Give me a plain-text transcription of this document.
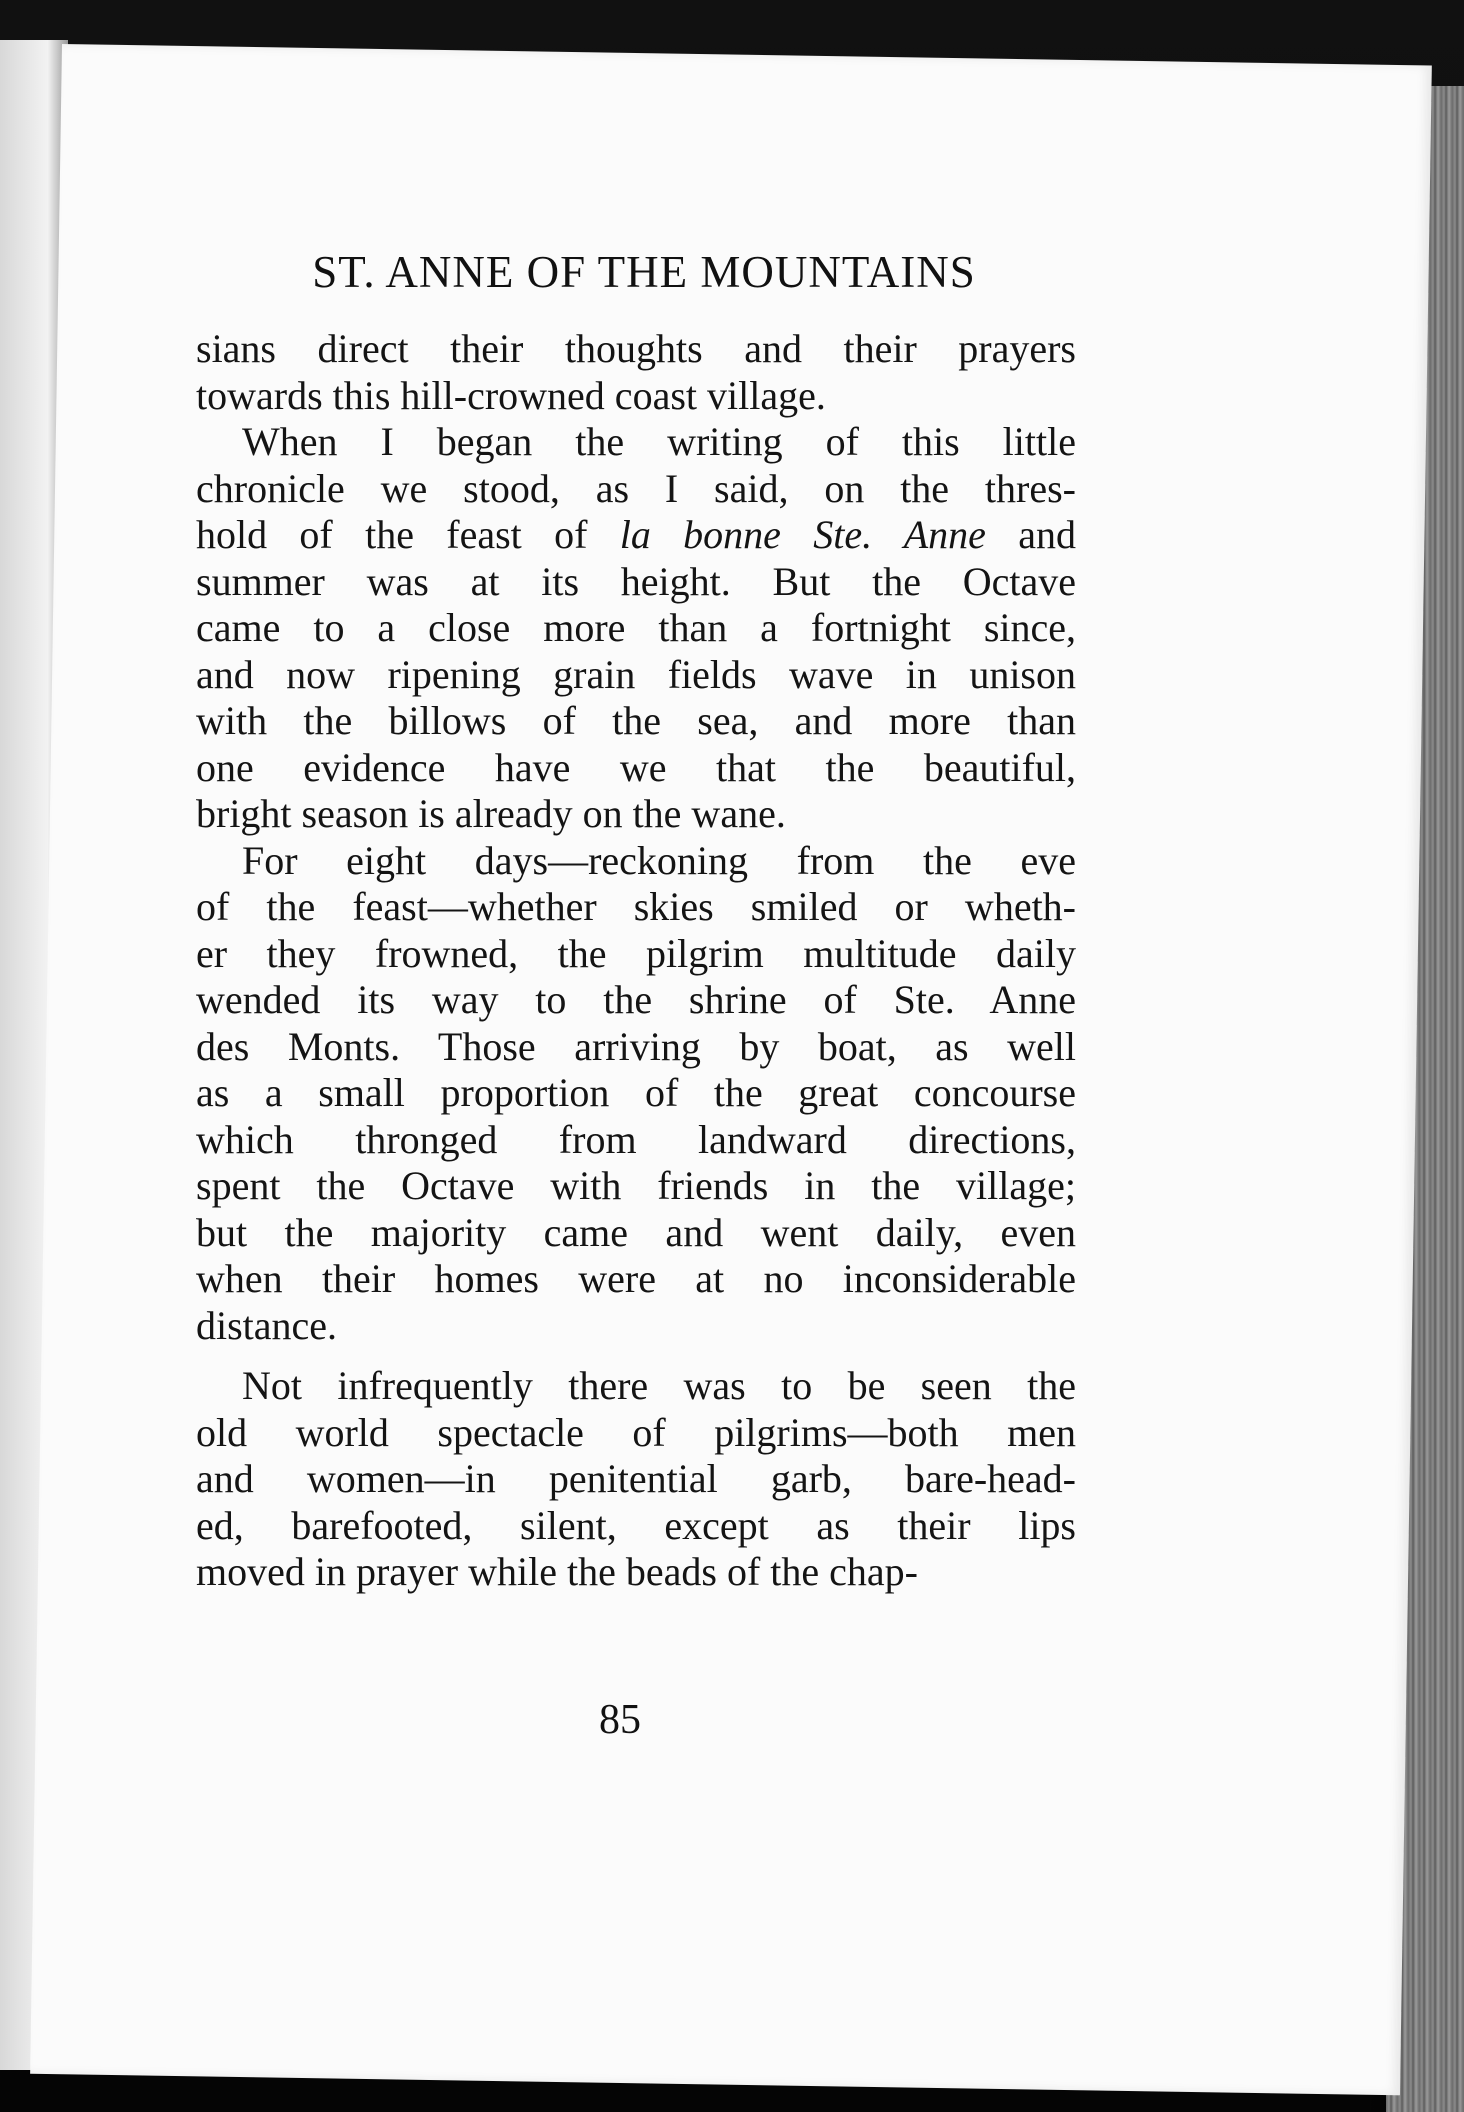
ST. ANNE OF THE MOUNTAINS
sians direct their thoughts and their prayers
towards this hill-crowned coast village.
When I began the writing of this little
chronicle we stood, as I said, on the thres-
hold of the feast of la bonne Ste. Anne and
summer was at its height. But the Octave
came to a close more than a fortnight since,
and now ripening grain fields wave in unison
with the billows of the sea, and more than
one evidence have we that the beautiful,
bright season is already on the wane.
For eight days—reckoning from the eve
of the feast—whether skies smiled or wheth-
er they frowned, the pilgrim multitude daily
wended its way to the shrine of Ste. Anne
des Monts. Those arriving by boat, as well
as a small proportion of the great concourse
which thronged from landward directions,
spent the Octave with friends in the village;
but the majority came and went daily, even
when their homes were at no inconsiderable
distance.
Not infrequently there was to be seen the
old world spectacle of pilgrims—both men
and women—in penitential garb, bare-head-
ed, barefooted, silent, except as their lips
moved in prayer while the beads of the chap-
85
